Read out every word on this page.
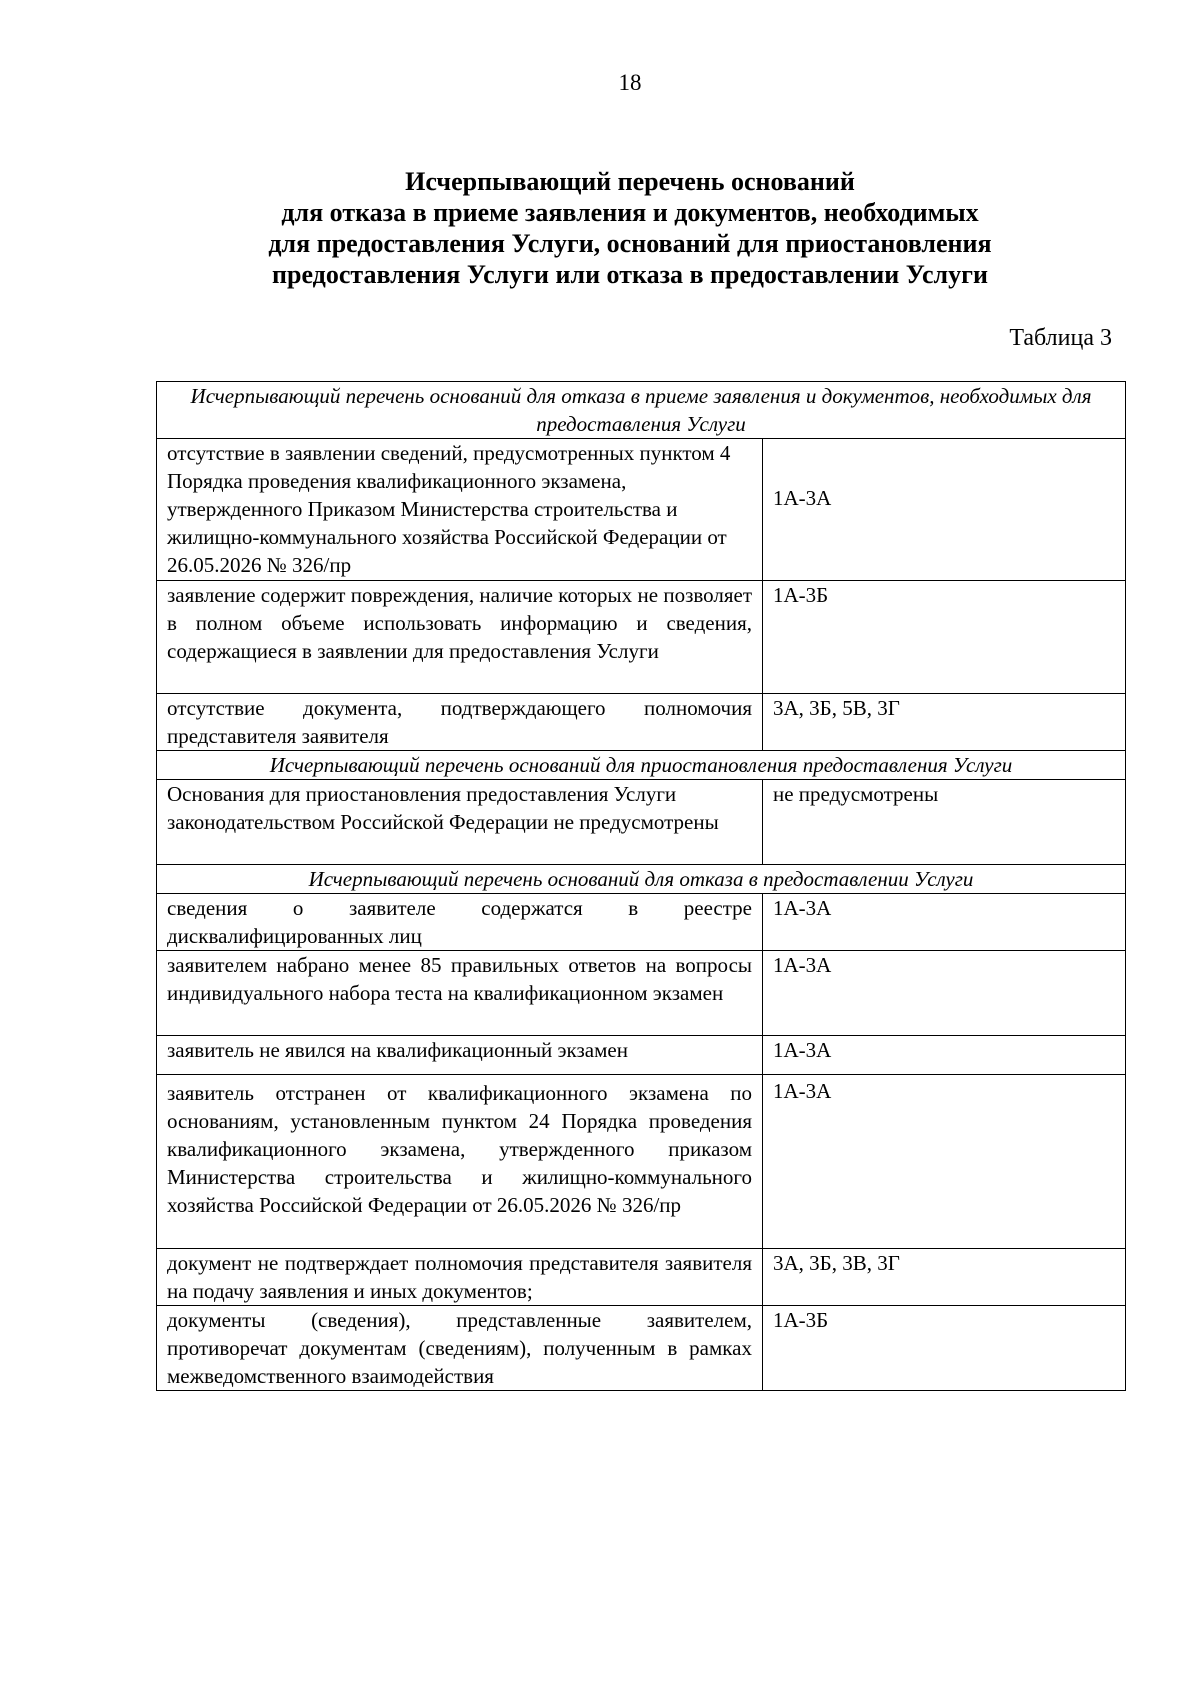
18
Исчерпывающий перечень оснований
для отказа в приеме заявления и документов, необходимых
для предоставления Услуги, оснований для приостановления
предоставления Услуги или отказа в предоставлении Услуги
Таблица 3
Исчерпывающий перечень оснований для отказа в приеме заявления и документов, необходимых для предоставления Услуги	
отсутствие в заявлении сведений, предусмотренных пунктом 4 Порядка проведения квалификационного экзамена, утвержденного Приказом Министерства строительства и жилищно-коммунального хозяйства Российской Федерации от 26.05.2026 № 326/пр	1А-3А
заявление содержит повреждения, наличие которых не позволяет в полном объеме использовать информацию и сведения, содержащиеся в заявлении для предоставления Услуги	1А-3Б
отсутствие документа, подтверждающего полномочия представителя заявителя	3А, 3Б, 5В, 3Г
Исчерпывающий перечень оснований для приостановления предоставления Услуги	
Основания для приостановления предоставления Услуги законодательством Российской Федерации не предусмотрены	не предусмотрены
Исчерпывающий перечень оснований для отказа в предоставлении Услуги	
сведения о заявителе содержатся в реестре дисквалифицированных лиц	1А-3А
заявителем набрано менее 85 правильных ответов на вопросы индивидуального набора теста на квалификационном экзамен	1А-3А
заявитель не явился на квалификационный экзамен	1А-3А
заявитель отстранен от квалификационного экзамена по основаниям, установленным пунктом 24 Порядка проведения квалификационного экзамена, утвержденного приказом Министерства строительства и жилищно-коммунального хозяйства Российской Федерации от 26.05.2026 № 326/пр	1А-3А
документ не подтверждает полномочия представителя заявителя на подачу заявления и иных документов;	3А, 3Б, 3В, 3Г
документы (сведения), представленные заявителем, противоречат документам (сведениям), полученным в рамках межведомственного взаимодействия	1А-3Б
